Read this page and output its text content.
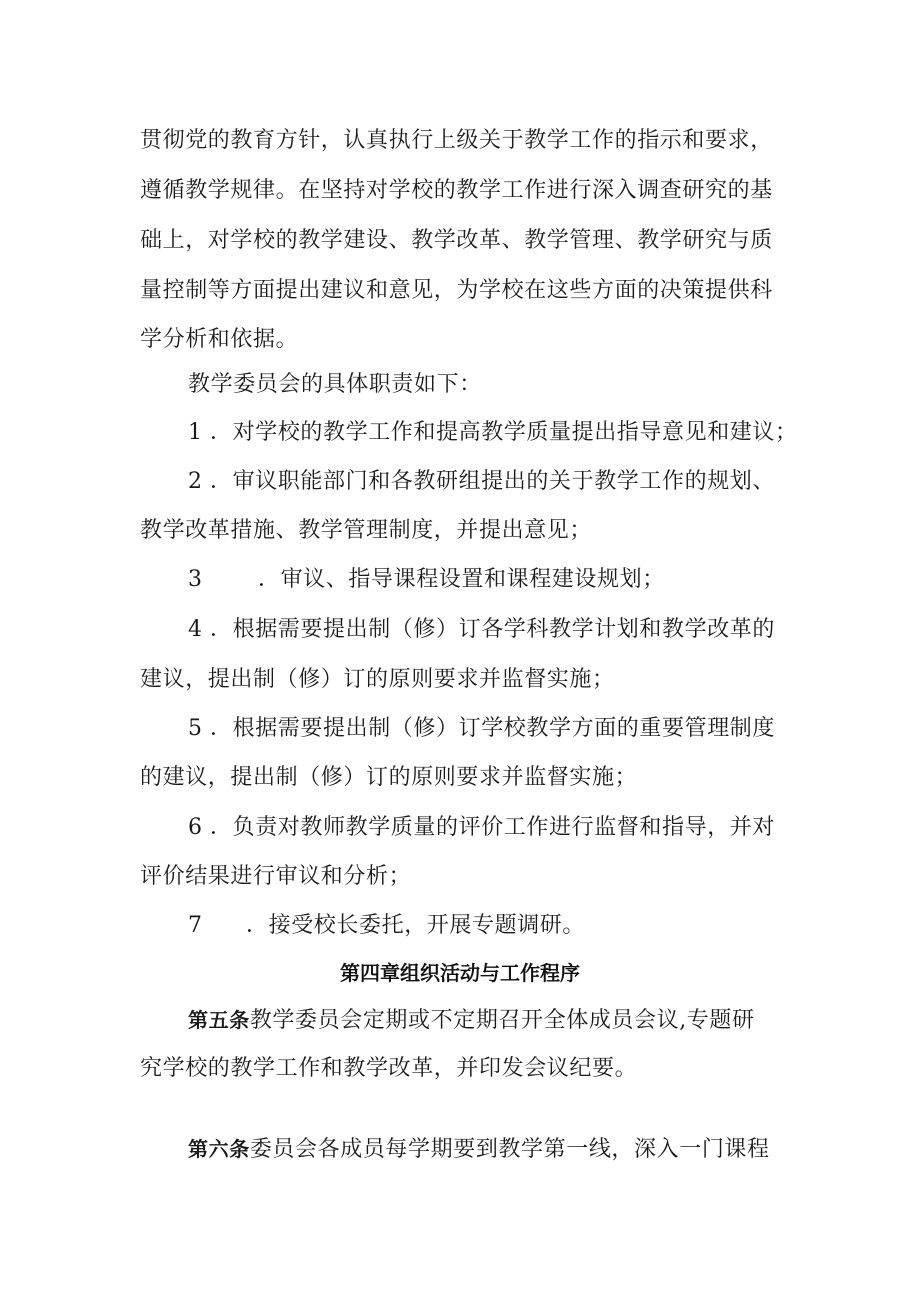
贯彻党的教育方针，认真执行上级关于教学工作的指示和要求，
遵循教学规律。在坚持对学校的教学工作进行深入调查研究的基
础上，对学校的教学建设、教学改革、教学管理、教学研究与质
量控制等方面提出建议和意见，为学校在这些方面的决策提供科
学分析和依据。
教学委员会的具体职责如下：
1 ．对学校的教学工作和提高教学质量提出指导意见和建议；
2 ．审议职能部门和各教研组提出的关于教学工作的规划、
教学改革措施、教学管理制度，并提出意见；
3	．审议、指导课程设置和课程建设规划；
4 ．根据需要提出制（修）订各学科教学计划和教学改革的
建议，提出制（修）订的原则要求并监督实施；
5 ．根据需要提出制（修）订学校教学方面的重要管理制度
的建议，提出制（修）订的原则要求并监督实施；
6 ．负责对教师教学质量的评价工作进行监督和指导，并对
评价结果进行审议和分析；
7 ．接受校长委托，开展专题调研。
第四章组织活动与工作程序
第五条教学委员会定期或不定期召开全体成员会议,专题研
究学校的教学工作和教学改革，并印发会议纪要。
第六条委员会各成员每学期要到教学第一线，深入一门课程
